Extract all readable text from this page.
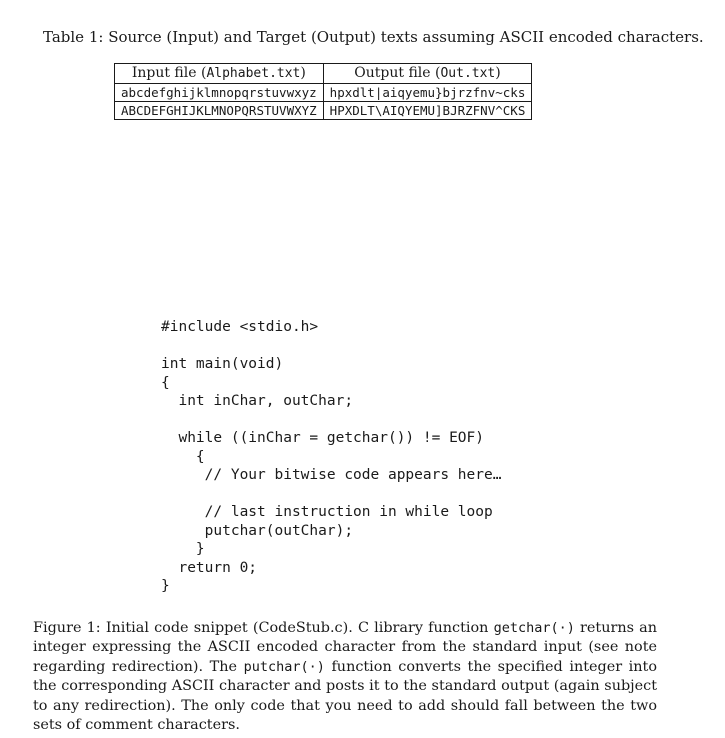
Table 1: Source (Input) and Target (Output) texts assuming ASCII encoded characters.
Input file (Alphabet.txt)	Output file (Out.txt)
abcdefghijklmnopqrstuvwxyz	hpxdlt|aiqyemu}bjrzfnv~cks
ABCDEFGHIJKLMNOPQRSTUVWXYZ	HPXDLT\AIQYEMU]BJRZFNV^CKS
#include <stdio.h>
int main(void)
{
int inChar, outChar;
while ((inChar = getchar()) != EOF)
{
// Your bitwise code appears here…
// last instruction in while loop
putchar(outChar);
}
return 0;
}
Figure 1: Initial code snippet (CodeStub.c). C library function getchar(·) returns an integer expressing the ASCII encoded character from the standard input (see note regarding redirection). The putchar(·) function converts the specified integer into the corresponding ASCII character and posts it to the standard output (again subject to any redirection). The only code that you need to add should fall between the two sets of comment characters.
